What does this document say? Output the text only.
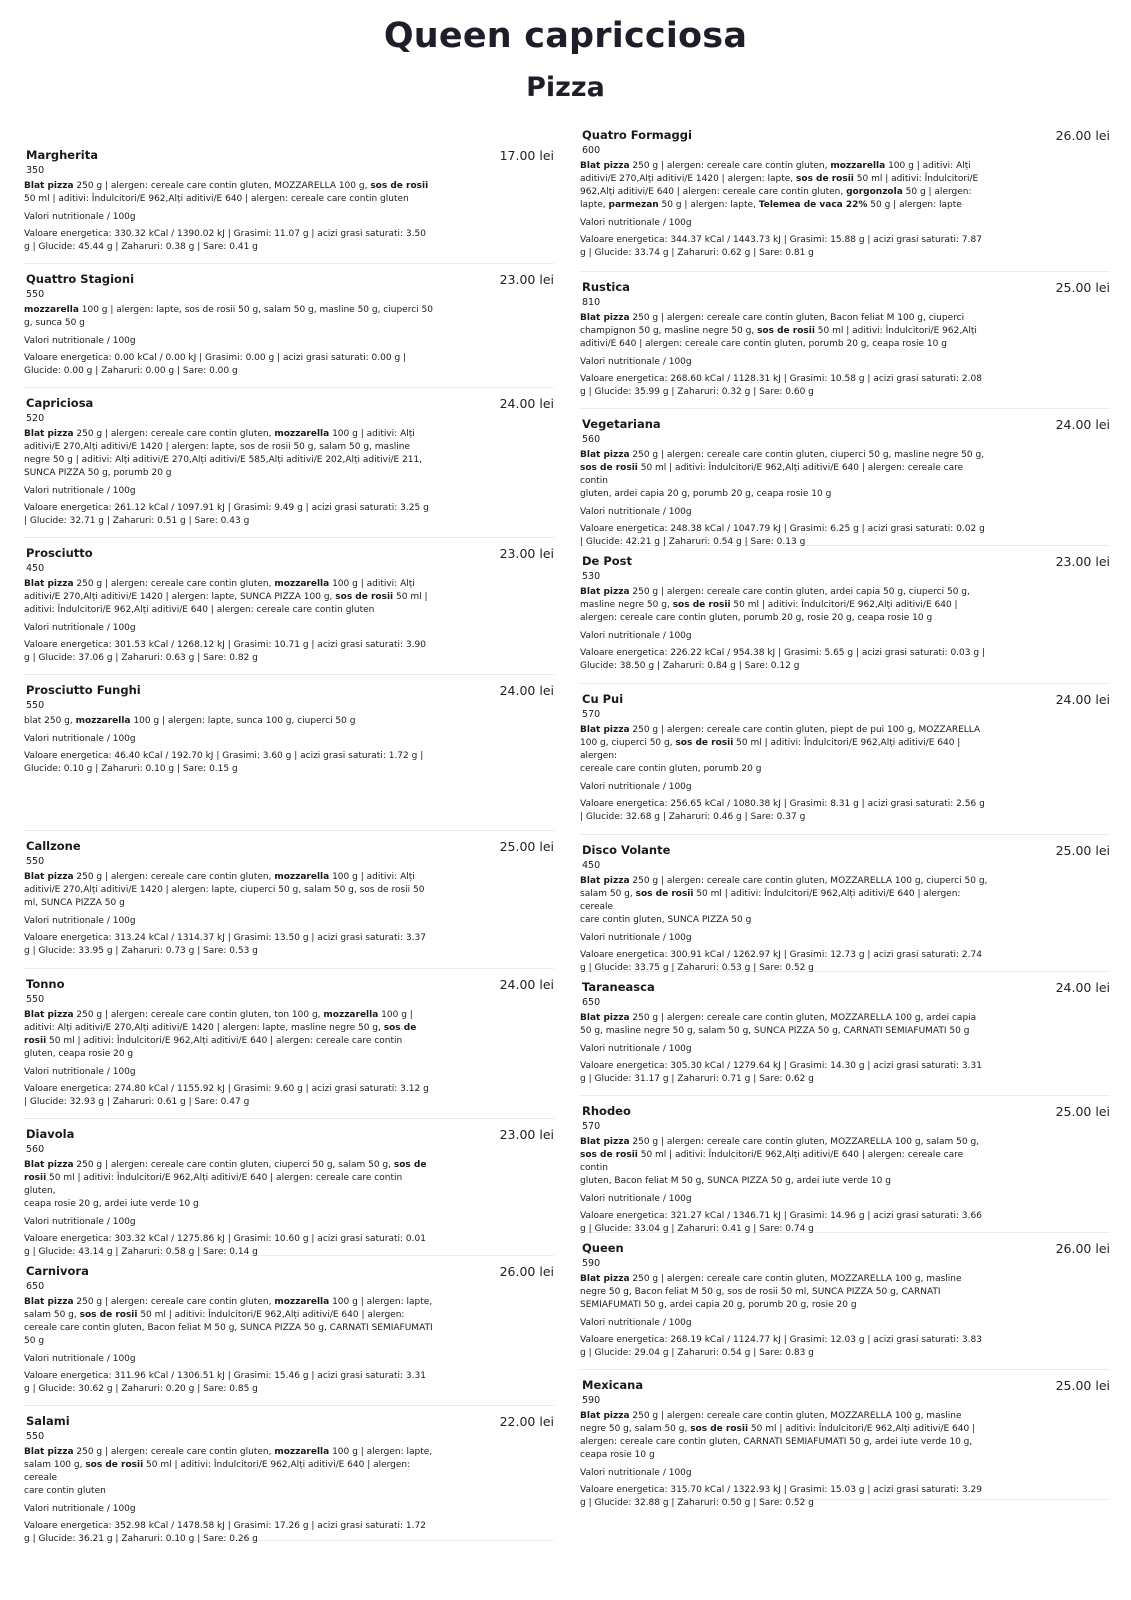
Queen capricciosa
Pizza
Margherita	17.00 lei
350
Blat pizza 250 g | alergen: cereale care contin gluten, MOZZARELLA 100 g, sos de rosii 50 ml | aditivi: Îndulcitori/E 962,Alți aditivi/E 640 | alergen: cereale care contin gluten
Valori nutritionale / 100g
Valoare energetica: 330.32 kCal / 1390.02 kJ | Grasimi: 11.07 g | acizi grasi saturati: 3.50 g | Glucide: 45.44 g | Zaharuri: 0.38 g | Sare: 0.41 g
Quattro Stagioni	23.00 lei
550
mozzarella 100 g | alergen: lapte, sos de rosii 50 g, salam 50 g, masline 50 g, ciuperci 50 g, sunca 50 g
Valori nutritionale / 100g
Valoare energetica: 0.00 kCal / 0.00 kJ | Grasimi: 0.00 g | acizi grasi saturati: 0.00 g | Glucide: 0.00 g | Zaharuri: 0.00 g | Sare: 0.00 g
Capriciosa	24.00 lei
520
Blat pizza 250 g | alergen: cereale care contin gluten, mozzarella 100 g | aditivi: Alți aditivi/E 270,Alți aditivi/E 1420 | alergen: lapte, sos de rosii 50 g, salam 50 g, masline negre 50 g | aditivi: Alți aditivi/E 270,Alți aditivi/E 585,Alți aditivi/E 202,Alți aditivi/E 211, SUNCA PIZZA 50 g, porumb 20 g
Valori nutritionale / 100g
Valoare energetica: 261.12 kCal / 1097.91 kJ | Grasimi: 9.49 g | acizi grasi saturati: 3.25 g | Glucide: 32.71 g | Zaharuri: 0.51 g | Sare: 0.43 g
Prosciutto	23.00 lei
450
Blat pizza 250 g | alergen: cereale care contin gluten, mozzarella 100 g | aditivi: Alți aditivi/E 270,Alți aditivi/E 1420 | alergen: lapte, SUNCA PIZZA 100 g, sos de rosii 50 ml | aditivi: Îndulcitori/E 962,Alți aditivi/E 640 | alergen: cereale care contin gluten
Valori nutritionale / 100g
Valoare energetica: 301.53 kCal / 1268.12 kJ | Grasimi: 10.71 g | acizi grasi saturati: 3.90 g | Glucide: 37.06 g | Zaharuri: 0.63 g | Sare: 0.82 g
Prosciutto Funghi	24.00 lei
550
blat 250 g, mozzarella 100 g | alergen: lapte, sunca 100 g, ciuperci 50 g
Valori nutritionale / 100g
Valoare energetica: 46.40 kCal / 192.70 kJ | Grasimi: 3.60 g | acizi grasi saturati: 1.72 g | Glucide: 0.10 g | Zaharuri: 0.10 g | Sare: 0.15 g
Callzone	25.00 lei
550
Blat pizza 250 g | alergen: cereale care contin gluten, mozzarella 100 g | aditivi: Alți aditivi/E 270,Alți aditivi/E 1420 | alergen: lapte, ciuperci 50 g, salam 50 g, sos de rosii 50 ml, SUNCA PIZZA 50 g
Valori nutritionale / 100g
Valoare energetica: 313.24 kCal / 1314.37 kJ | Grasimi: 13.50 g | acizi grasi saturati: 3.37 g | Glucide: 33.95 g | Zaharuri: 0.73 g | Sare: 0.53 g
Tonno	24.00 lei
550
Blat pizza 250 g | alergen: cereale care contin gluten, ton 100 g, mozzarella 100 g | aditivi: Alți aditivi/E 270,Alți aditivi/E 1420 | alergen: lapte, masline negre 50 g, sos de rosii 50 ml | aditivi: Îndulcitori/E 962,Alți aditivi/E 640 | alergen: cereale care contin gluten, ceapa rosie 20 g
Valori nutritionale / 100g
Valoare energetica: 274.80 kCal / 1155.92 kJ | Grasimi: 9.60 g | acizi grasi saturati: 3.12 g | Glucide: 32.93 g | Zaharuri: 0.61 g | Sare: 0.47 g
Diavola	23.00 lei
560
Blat pizza 250 g | alergen: cereale care contin gluten, ciuperci 50 g, salam 50 g, sos de rosii 50 ml | aditivi: Îndulcitori/E 962,Alți aditivi/E 640 | alergen: cereale care contin gluten,
ceapa rosie 20 g, ardei iute verde 10 g
Valori nutritionale / 100g
Valoare energetica: 303.32 kCal / 1275.86 kJ | Grasimi: 10.60 g | acizi grasi saturati: 0.01 g | Glucide: 43.14 g | Zaharuri: 0.58 g | Sare: 0.14 g
Carnivora	26.00 lei
650
Blat pizza 250 g | alergen: cereale care contin gluten, mozzarella 100 g | alergen: lapte, salam 50 g, sos de rosii 50 ml | aditivi: Îndulcitori/E 962,Alți aditivi/E 640 | alergen: cereale care contin gluten, Bacon feliat M 50 g, SUNCA PIZZA 50 g, CARNATI SEMIAFUMATI 50 g
Valori nutritionale / 100g
Valoare energetica: 311.96 kCal / 1306.51 kJ | Grasimi: 15.46 g | acizi grasi saturati: 3.31 g | Glucide: 30.62 g | Zaharuri: 0.20 g | Sare: 0.85 g
Salami	22.00 lei
550
Blat pizza 250 g | alergen: cereale care contin gluten, mozzarella 100 g | alergen: lapte, salam 100 g, sos de rosii 50 ml | aditivi: Îndulcitori/E 962,Alți aditivi/E 640 | alergen: cereale
care contin gluten
Valori nutritionale / 100g
Valoare energetica: 352.98 kCal / 1478.58 kJ | Grasimi: 17.26 g | acizi grasi saturati: 1.72 g | Glucide: 36.21 g | Zaharuri: 0.10 g | Sare: 0.26 g
Quatro Formaggi	26.00 lei
600
Blat pizza 250 g | alergen: cereale care contin gluten, mozzarella 100 g | aditivi: Alți aditivi/E 270,Alți aditivi/E 1420 | alergen: lapte, sos de rosii 50 ml | aditivi: Îndulcitori/E 962,Alți aditivi/E 640 | alergen: cereale care contin gluten, gorgonzola 50 g | alergen: lapte, parmezan 50 g | alergen: lapte, Telemea de vaca 22% 50 g | alergen: lapte
Valori nutritionale / 100g
Valoare energetica: 344.37 kCal / 1443.73 kJ | Grasimi: 15.88 g | acizi grasi saturati: 7.87 g | Glucide: 33.74 g | Zaharuri: 0.62 g | Sare: 0.81 g
Rustica	25.00 lei
810
Blat pizza 250 g | alergen: cereale care contin gluten, Bacon feliat M 100 g, ciuperci champignon 50 g, masline negre 50 g, sos de rosii 50 ml | aditivi: Îndulcitori/E 962,Alți aditivi/E 640 | alergen: cereale care contin gluten, porumb 20 g, ceapa rosie 10 g
Valori nutritionale / 100g
Valoare energetica: 268.60 kCal / 1128.31 kJ | Grasimi: 10.58 g | acizi grasi saturati: 2.08 g | Glucide: 35.99 g | Zaharuri: 0.32 g | Sare: 0.60 g
Vegetariana	24.00 lei
560
Blat pizza 250 g | alergen: cereale care contin gluten, ciuperci 50 g, masline negre 50 g, sos de rosii 50 ml | aditivi: Îndulcitori/E 962,Alți aditivi/E 640 | alergen: cereale care contin
gluten, ardei capia 20 g, porumb 20 g, ceapa rosie 10 g
Valori nutritionale / 100g
Valoare energetica: 248.38 kCal / 1047.79 kJ | Grasimi: 6.25 g | acizi grasi saturati: 0.02 g | Glucide: 42.21 g | Zaharuri: 0.54 g | Sare: 0.13 g
De Post	23.00 lei
530
Blat pizza 250 g | alergen: cereale care contin gluten, ardei capia 50 g, ciuperci 50 g, masline negre 50 g, sos de rosii 50 ml | aditivi: Îndulcitori/E 962,Alți aditivi/E 640 | alergen: cereale care contin gluten, porumb 20 g, rosie 20 g, ceapa rosie 10 g
Valori nutritionale / 100g
Valoare energetica: 226.22 kCal / 954.38 kJ | Grasimi: 5.65 g | acizi grasi saturati: 0.03 g | Glucide: 38.50 g | Zaharuri: 0.84 g | Sare: 0.12 g
Cu Pui	24.00 lei
570
Blat pizza 250 g | alergen: cereale care contin gluten, piept de pui 100 g, MOZZARELLA 100 g, ciuperci 50 g, sos de rosii 50 ml | aditivi: Îndulcitori/E 962,Alți aditivi/E 640 | alergen:
cereale care contin gluten, porumb 20 g
Valori nutritionale / 100g
Valoare energetica: 256.65 kCal / 1080.38 kJ | Grasimi: 8.31 g | acizi grasi saturati: 2.56 g | Glucide: 32.68 g | Zaharuri: 0.46 g | Sare: 0.37 g
Disco Volante	25.00 lei
450
Blat pizza 250 g | alergen: cereale care contin gluten, MOZZARELLA 100 g, ciuperci 50 g, salam 50 g, sos de rosii 50 ml | aditivi: Îndulcitori/E 962,Alți aditivi/E 640 | alergen: cereale
care contin gluten, SUNCA PIZZA 50 g
Valori nutritionale / 100g
Valoare energetica: 300.91 kCal / 1262.97 kJ | Grasimi: 12.73 g | acizi grasi saturati: 2.74 g | Glucide: 33.75 g | Zaharuri: 0.53 g | Sare: 0.52 g
Taraneasca	24.00 lei
650
Blat pizza 250 g | alergen: cereale care contin gluten, MOZZARELLA 100 g, ardei capia 50 g, masline negre 50 g, salam 50 g, SUNCA PIZZA 50 g, CARNATI SEMIAFUMATI 50 g
Valori nutritionale / 100g
Valoare energetica: 305.30 kCal / 1279.64 kJ | Grasimi: 14.30 g | acizi grasi saturati: 3.31 g | Glucide: 31.17 g | Zaharuri: 0.71 g | Sare: 0.62 g
Rhodeo	25.00 lei
570
Blat pizza 250 g | alergen: cereale care contin gluten, MOZZARELLA 100 g, salam 50 g, sos de rosii 50 ml | aditivi: Îndulcitori/E 962,Alți aditivi/E 640 | alergen: cereale care contin
gluten, Bacon feliat M 50 g, SUNCA PIZZA 50 g, ardei iute verde 10 g
Valori nutritionale / 100g
Valoare energetica: 321.27 kCal / 1346.71 kJ | Grasimi: 14.96 g | acizi grasi saturati: 3.66 g | Glucide: 33.04 g | Zaharuri: 0.41 g | Sare: 0.74 g
Queen	26.00 lei
590
Blat pizza 250 g | alergen: cereale care contin gluten, MOZZARELLA 100 g, masline negre 50 g, Bacon feliat M 50 g, sos de rosii 50 ml, SUNCA PIZZA 50 g, CARNATI SEMIAFUMATI 50 g, ardei capia 20 g, porumb 20 g, rosie 20 g
Valori nutritionale / 100g
Valoare energetica: 268.19 kCal / 1124.77 kJ | Grasimi: 12.03 g | acizi grasi saturati: 3.83 g | Glucide: 29.04 g | Zaharuri: 0.54 g | Sare: 0.83 g
Mexicana	25.00 lei
590
Blat pizza 250 g | alergen: cereale care contin gluten, MOZZARELLA 100 g, masline negre 50 g, salam 50 g, sos de rosii 50 ml | aditivi: Îndulcitori/E 962,Alți aditivi/E 640 | alergen: cereale care contin gluten, CARNATI SEMIAFUMATI 50 g, ardei iute verde 10 g, ceapa rosie 10 g
Valori nutritionale / 100g
Valoare energetica: 315.70 kCal / 1322.93 kJ | Grasimi: 15.03 g | acizi grasi saturati: 3.29 g | Glucide: 32.88 g | Zaharuri: 0.50 g | Sare: 0.52 g
